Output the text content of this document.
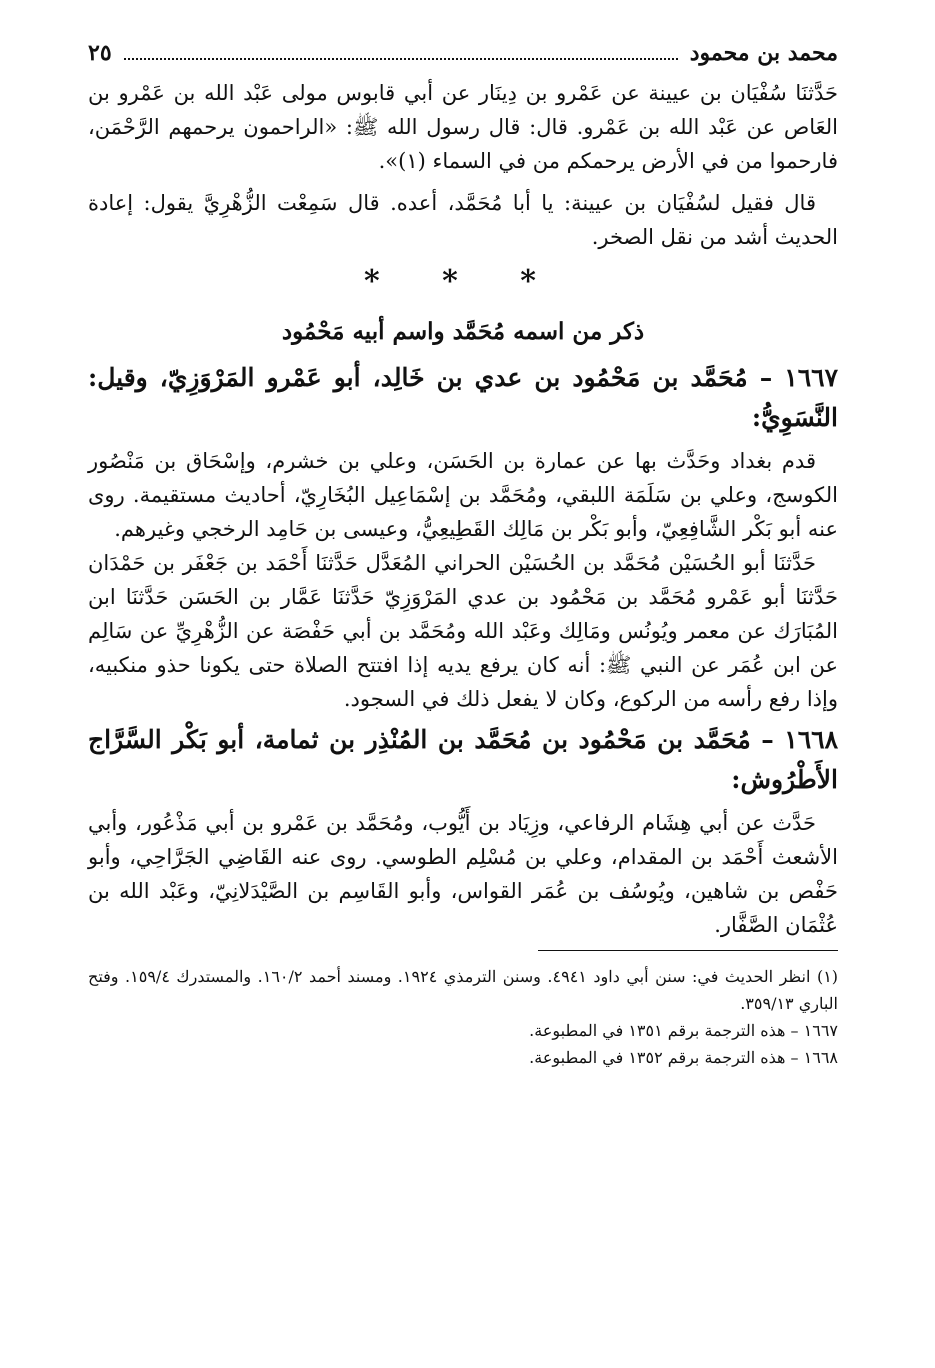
محمد بن محمود
٢٥

حَدَّثنَا سُفْيَان بن عيينة عن عَمْرو بن دِينَار عن أبي قابوس مولى عَبْد الله بن عَمْرو بن العَاص عن عَبْد الله بن عَمْرو. قال: قال رسول الله ﷺ: «الراحمون يرحمهم الرَّحْمَن، فارحموا من في الأرض يرحمكم من في السماء (١)».

قال فقيل لسُفْيَان بن عيينة: يا أبا مُحَمَّد، أعده. قال سَمِعْت الزُّهْرِيَّ يقول: إعادة الحديث أشد من نقل الصخر.

* * *
ذكر من اسمه مُحَمَّد واسم أبيه مَحْمُود
١٦٦٧ – مُحَمَّد بن مَحْمُود بن عدي بن خَالِد، أبو عَمْرو المَرْوَزِيّ، وقيل: النَّسَوِيُّ:

قدم بغداد وحَدَّث بها عن عمارة بن الحَسَن، وعلي بن خشرم، وإسْحَاق بن مَنْصُور الكوسج، وعلي بن سَلَمَة اللبقي، ومُحَمَّد بن إسْمَاعِيل البُخَارِيّ، أحاديث مستقيمة. روى عنه أبو بَكْر الشَّافِعِيّ، وأبو بَكْر بن مَالِك القَطِيعِيُّ، وعيسى بن حَامِد الرخجي وغيرهم.

حَدَّثنَا أبو الحُسَيْن مُحَمَّد بن الحُسَيْن الحراني المُعَدَّل حَدَّثنَا أَحْمَد بن جَعْفَر بن حَمْدَان حَدَّثنَا أبو عَمْرو مُحَمَّد بن مَحْمُود بن عدي المَرْوَزِيّ حَدَّثنَا عَمَّار بن الحَسَن حَدَّثنَا ابن المُبَارَك عن معمر ويُونُس ومَالِك وعَبْد الله ومُحَمَّد بن أبي حَفْصَة عن الزُّهْرِيِّ عن سَالِم عن ابن عُمَر عن النبي ﷺ: أنه كان يرفع يديه إذا افتتح الصلاة حتى يكونا حذو منكبيه، وإذا رفع رأسه من الركوع، وكان لا يفعل ذلك في السجود.

١٦٦٨ – مُحَمَّد بن مَحْمُود بن مُحَمَّد بن المُنْذِر بن ثمامة، أبو بَكْر السَّرَّاج الأَطْرُوش:

حَدَّث عن أبي هِشَام الرفاعي، وزِيَاد بن أَيُّوب، ومُحَمَّد بن عَمْرو بن أبي مَذْعُور، وأبي الأشعث أَحْمَد بن المقدام، وعلي بن مُسْلِم الطوسي. روى عنه القَاضِي الجَرَّاحِي، وأبو حَفْص بن شاهين، ويُوسُف بن عُمَر القواس، وأبو القَاسِم بن الصَّيْدَلانِيّ، وعَبْد الله بن عُثْمَان الصَّفَّار.

(١) انظر الحديث في: سنن أبي داود ٤٩٤١. وسنن الترمذي ١٩٢٤. ومسند أحمد ١٦٠/٢. والمستدرك ١٥٩/٤. وفتح الباري ٣٥٩/١٣.

١٦٦٧ – هذه الترجمة برقم ١٣٥١ في المطبوعة.

١٦٦٨ – هذه الترجمة برقم ١٣٥٢ في المطبوعة.
